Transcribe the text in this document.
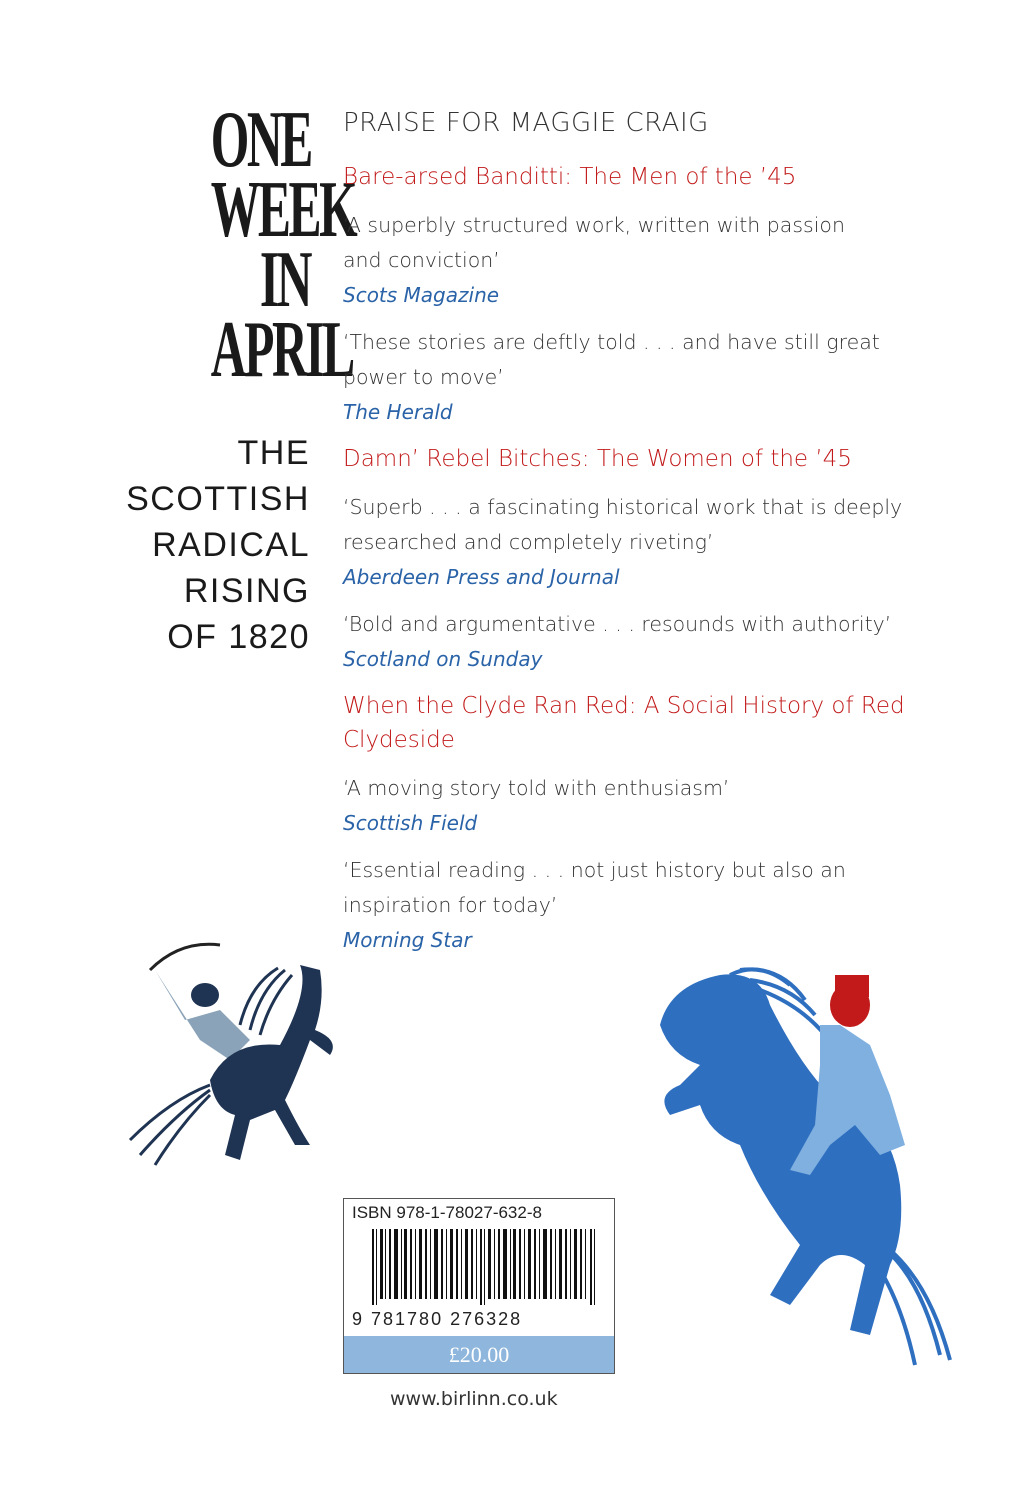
ONE
WEEK
IN
APRIL
THE
SCOTTISH
RADICAL
RISING
OF 1820
PRAISE FOR MAGGIE CRAIG
Bare-arsed Banditti: The Men of the ’45
‘A superbly structured work, written with passion and conviction’
Scots Magazine
‘These stories are deftly told . . . and have still great power to move’
The Herald
Damn’ Rebel Bitches: The Women of the ’45
‘Superb . . . a fascinating historical work that is deeply researched and completely riveting’
Aberdeen Press and Journal
‘Bold and argumentative . . . resounds with authority’
Scotland on Sunday
When the Clyde Ran Red: A Social History of Red Clydeside
‘A moving story told with enthusiasm’
Scottish Field
‘Essential reading . . . not just history but also an inspiration for today’
Morning Star
ISBN 978-1-78027-632-8
9 781780 276328
£20.00
www.birlinn.co.uk
